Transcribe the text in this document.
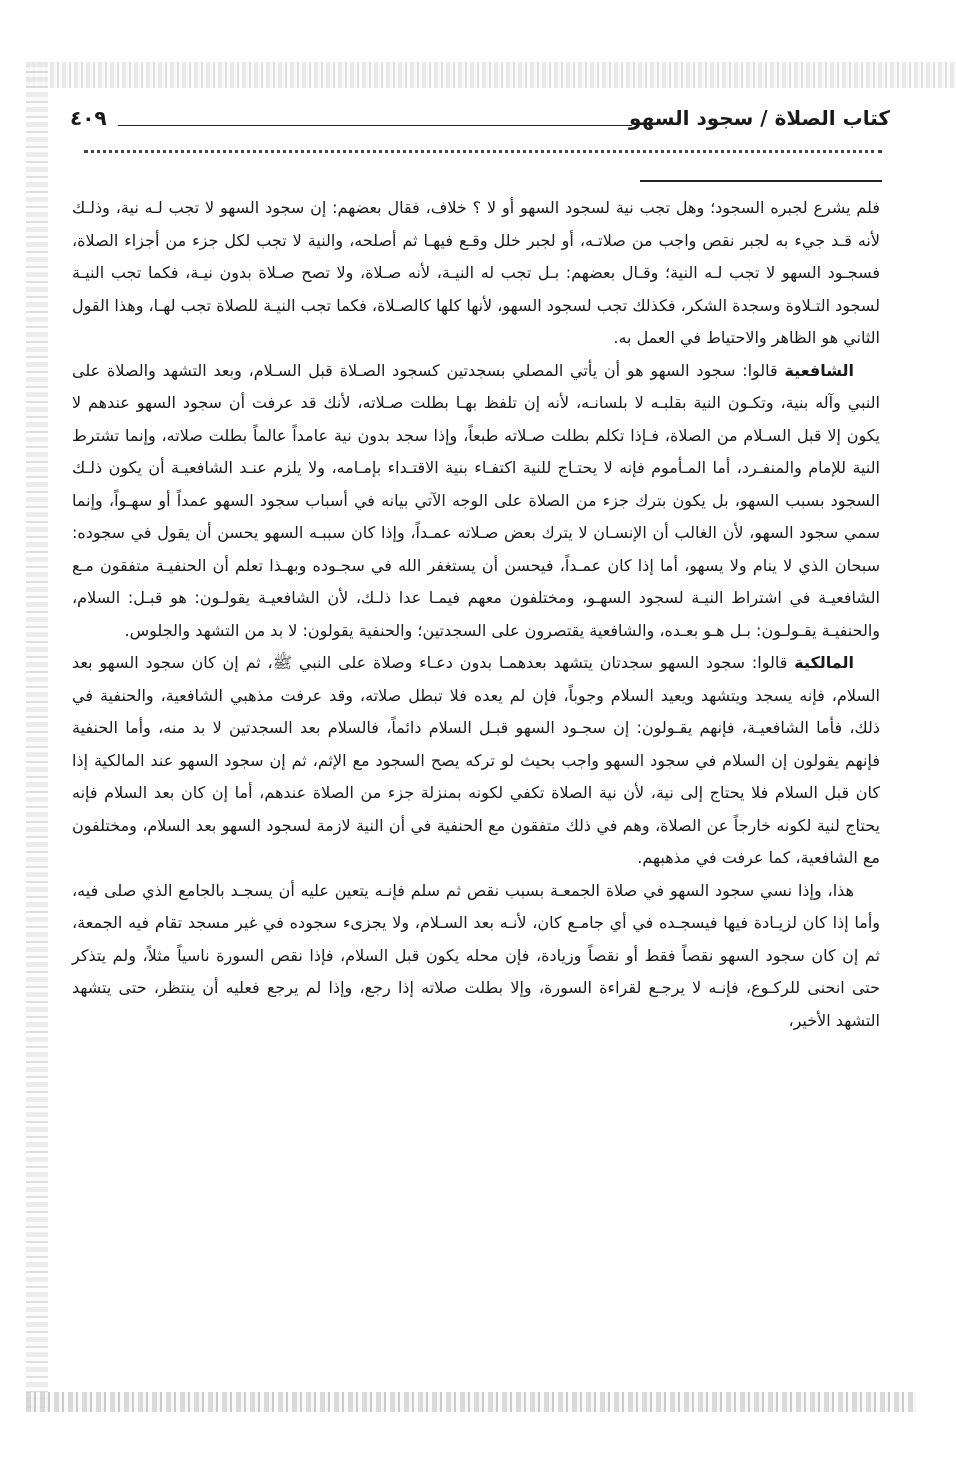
كتاب الصلاة / سجود السهو
٤٠٩

فلم يشرع لجبره السجود؛ وهل تجب نية لسجود السهو أو لا ؟ خلاف، فقال بعضهم: إن سجود السهو لا تجب لـه نية، وذلـك لأنه قـد جيء به لجبر نقص واجب من صلاتـه، أو لجبر خلل وقـع فيهـا ثم أصلحه، والنية لا تجب لكل جزء من أجزاء الصلاة، فسجـود السهو لا تجب لـه النية؛ وقـال بعضهم: بـل تجب له النيـة، لأنه صـلاة، ولا تصح صـلاة بدون نيـة، فكما تجب النيـة لسجود التـلاوة وسجدة الشكر، فكذلك تجب لسجود السهو، لأنها كلها كالصـلاة، فكما تجب النيـة للصلاة تجب لهـا، وهذا القول الثاني هو الظاهر والاحتياط في العمل به.

الشافعية قالوا: سجود السهو هو أن يأتي المصلي بسجدتين كسجود الصـلاة قبل السـلام، وبعد التشهد والصلاة على النبي وآله بنية، وتكـون النية بقلبـه لا بلسانـه، لأنه إن تلفظ بهـا بطلت صـلاته، لأنك قد عرفت أن سجود السهو عندهم لا يكون إلا قبل السـلام من الصلاة، فـإذا تكلم بطلت صـلاته طبعاً، وإذا سجد بدون نية عامداً عالماً بطلت صلاته، وإنما تشترط النية للإمام والمنفـرد، أما المـأموم فإنه لا يحتـاج للنية اكتفـاء بنية الاقتـداء بإمـامه، ولا يلزم عنـد الشافعيـة أن يكون ذلـك السجود بسبب السهو، بل يكون بترك جزء من الصلاة على الوجه الآتي بيانه في أسباب سجود السهو عمداً أو سهـواً، وإنما سمي سجود السهو، لأن الغالب أن الإنسـان لا يترك بعض صـلاته عمـداً، وإذا كان سببـه السهو يحسن أن يقول في سجوده: سبحان الذي لا ينام ولا يسهو، أما إذا كان عمـداً، فيحسن أن يستغفر الله في سجـوده وبهـذا تعلم أن الحنفيـة متفقون مـع الشافعيـة في اشتراط النيـة لسجود السهـو، ومختلفون معهم فيمـا عدا ذلـك، لأن الشافعيـة يقولـون: هو قبـل: السلام، والحنفيـة يقـولـون: بـل هـو بعـده، والشافعية يقتصرون على السجدتين؛ والحنفية يقولون: لا بد من التشهد والجلوس.

المالكية قالوا: سجود السهو سجدتان يتشهد بعدهمـا بدون دعـاء وصلاة على النبي ﷺ، ثم إن كان سجود السهو بعد السلام، فإنه يسجد ويتشهد ويعيد السلام وجوباً، فإن لم يعده فلا تبطل صلاته، وقد عرفت مذهبي الشافعية، والحنفية في ذلك، فأما الشافعيـة، فإنهم يقـولون: إن سجـود السهو قبـل السلام دائماً، فالسلام بعد السجدتين لا بد منه، وأما الحنفية فإنهم يقولون إن السلام في سجود السهو واجب بحيث لو تركه يصح السجود مع الإثم، ثم إن سجود السهو عند المالكية إذا كان قبل السلام فلا يحتاج إلى نية، لأن نية الصلاة تكفي لكونه بمنزلة جزء من الصلاة عندهم، أما إن كان بعد السلام فإنه يحتاج لنية لكونه خارجاً عن الصلاة، وهم في ذلك متفقون مع الحنفية في أن النية لازمة لسجود السهو بعد السلام، ومختلفون مع الشافعية، كما عرفت في مذهبهم.

هذا، وإذا نسي سجود السهو في صلاة الجمعـة بسبب نقص ثم سلم فإنـه يتعين عليه أن يسجـد بالجامع الذي صلى فيه، وأما إذا كان لزيـادة فيها فيسجـده في أي جامـع كان، لأنـه بعد السـلام، ولا يجزىء سجوده في غير مسجد تقام فيه الجمعة، ثم إن كان سجود السهو نقصاً فقط أو نقصاً وزيادة، فإن محله يكون قبل السلام، فإذا نقص السورة ناسياً مثلاً، ولم يتذكر حتى انحنى للركـوع، فإنـه لا يرجـع لقراءة السورة، وإلا بطلت صلاته إذا رجع، وإذا لم يرجع فعليه أن ينتظر، حتى يتشهد التشهد الأخير،
